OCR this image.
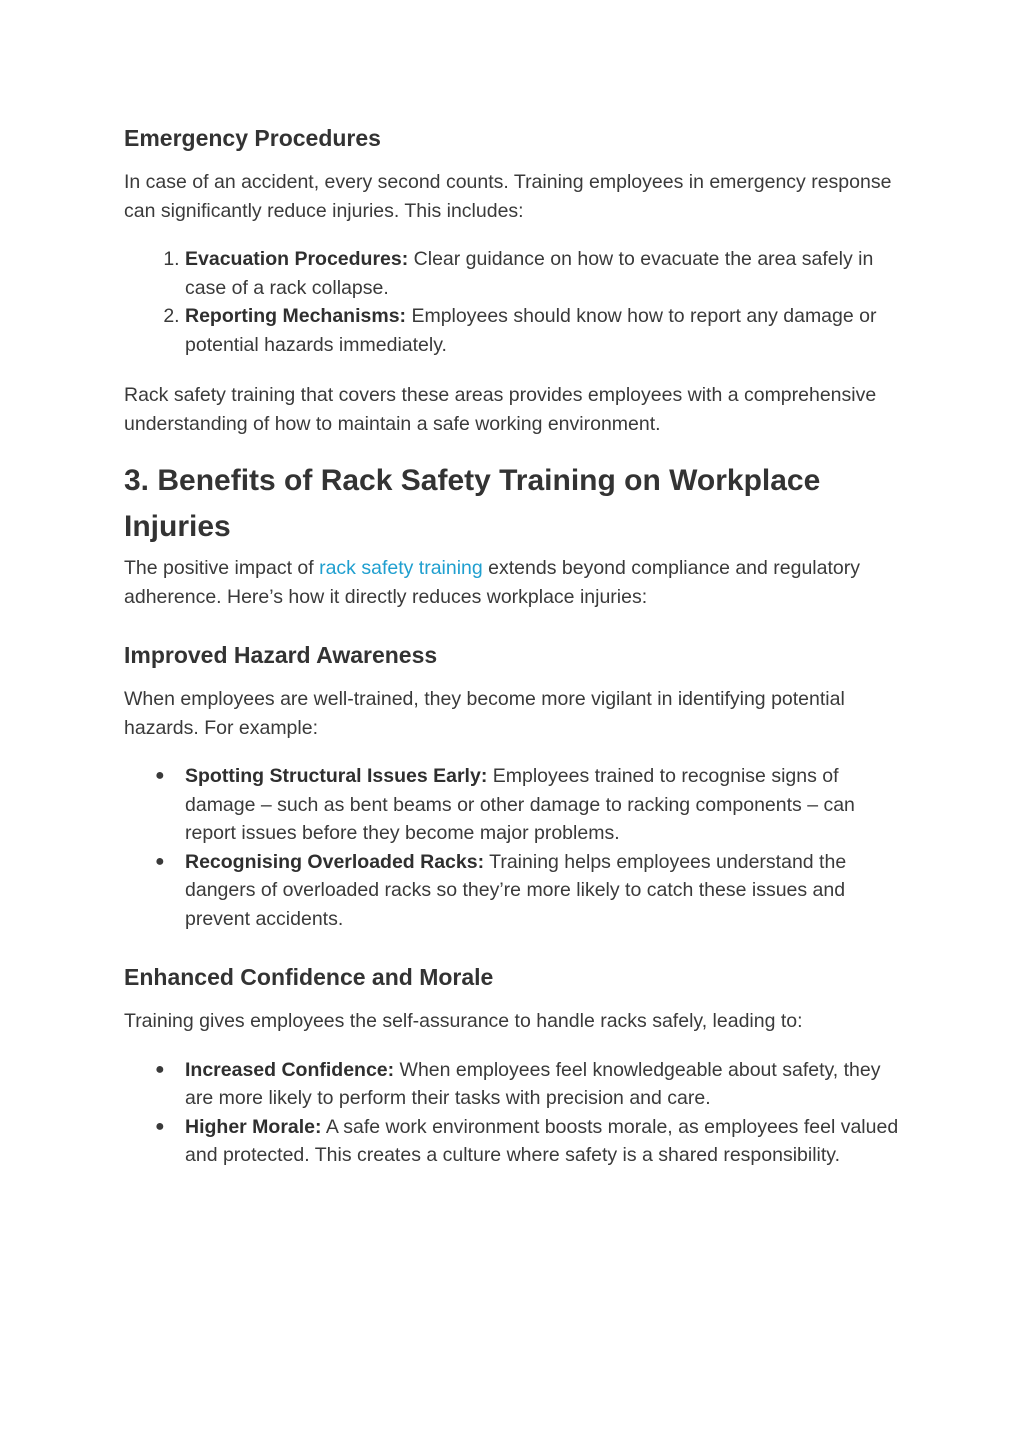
Emergency Procedures

In case of an accident, every second counts. Training employees in emergency response can significantly reduce injuries. This includes:

1. Evacuation Procedures: Clear guidance on how to evacuate the area safely in case of a rack collapse.
2. Reporting Mechanisms: Employees should know how to report any damage or potential hazards immediately.

Rack safety training that covers these areas provides employees with a comprehensive understanding of how to maintain a safe working environment.

3. Benefits of Rack Safety Training on Workplace Injuries

The positive impact of rack safety training extends beyond compliance and regulatory adherence. Here’s how it directly reduces workplace injuries:

Improved Hazard Awareness

When employees are well-trained, they become more vigilant in identifying potential hazards. For example:

● Spotting Structural Issues Early: Employees trained to recognise signs of damage – such as bent beams or other damage to racking components – can report issues before they become major problems.
● Recognising Overloaded Racks: Training helps employees understand the dangers of overloaded racks so they’re more likely to catch these issues and prevent accidents.
Enhanced Confidence and Morale

Training gives employees the self-assurance to handle racks safely, leading to:

● Increased Confidence: When employees feel knowledgeable about safety, they are more likely to perform their tasks with precision and care.
● Higher Morale: A safe work environment boosts morale, as employees feel valued and protected. This creates a culture where safety is a shared responsibility.
